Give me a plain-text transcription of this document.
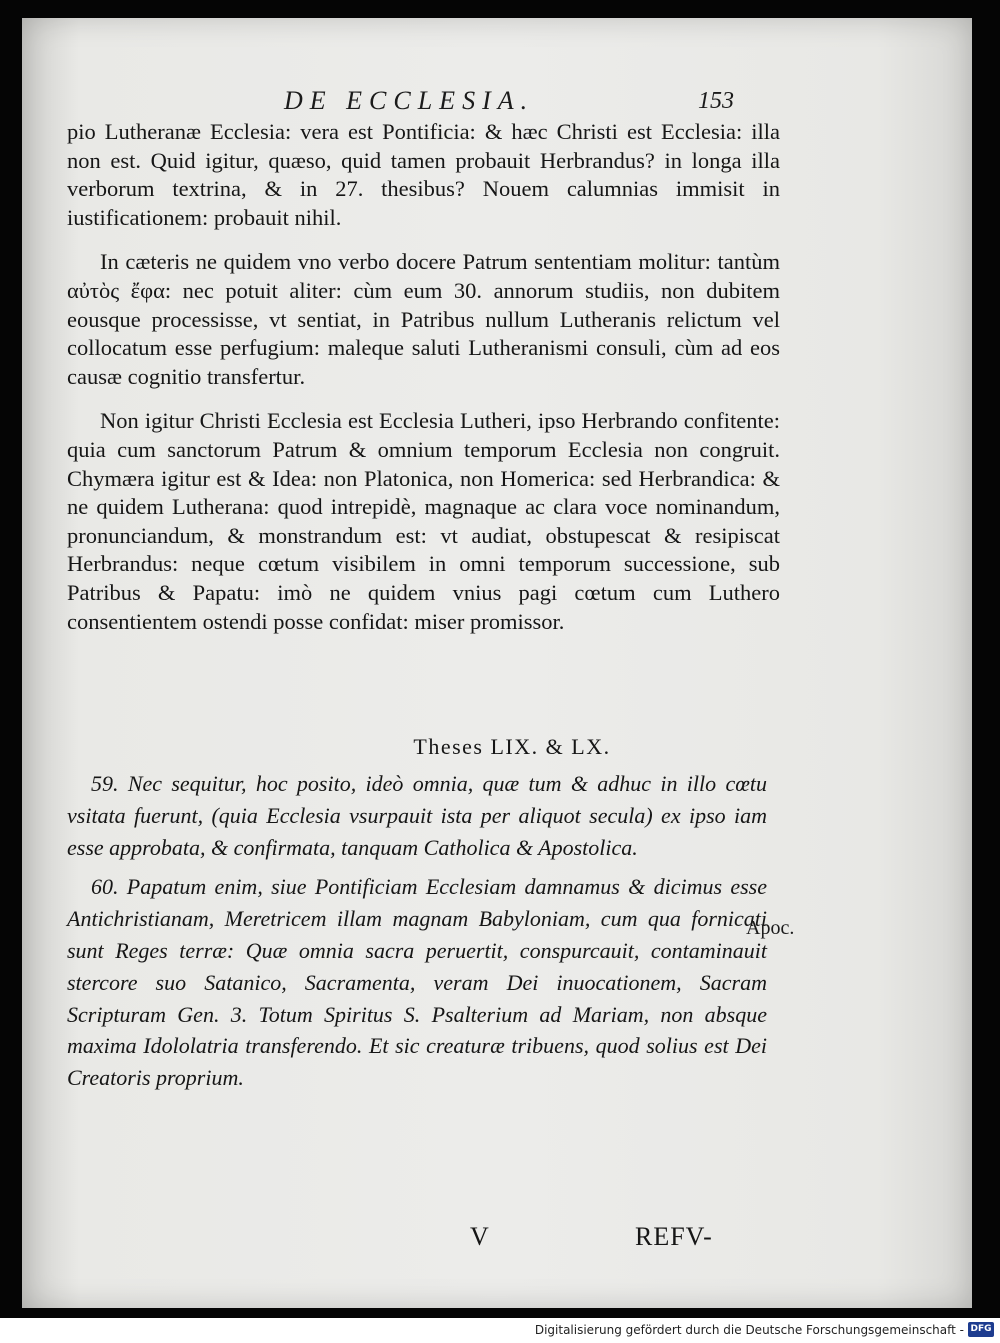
DE ECCLESIA.	153

pio Lutheranæ Ecclesia: vera est Pontificia: & hæc Christi est Ecclesia: illa non est. Quid igitur, quæso, quid tamen probauit Herbrandus? in longa illa verborum textrina, & in 27. thesibus? Nouem calumnias immisit in iustificationem: probauit nihil.

In cæteris ne quidem vno verbo docere Patrum sententiam molitur: tantùm αὐτὸς ἔφα: nec potuit aliter: cùm eum 30. annorum studiis, non dubitem eousque processisse, vt sentiat, in Patribus nullum Lutheranis relictum vel collocatum esse perfugium: maleque saluti Lutheranismi consuli, cùm ad eos causæ cognitio transfertur.

Non igitur Christi Ecclesia est Ecclesia Lutheri, ipso Herbrando confitente: quia cum sanctorum Patrum & omnium temporum Ecclesia non congruit. Chymæra igitur est & Idea: non Platonica, non Homerica: sed Herbrandica: & ne quidem Lutherana: quod intrepidè, magnaque ac clara voce nominandum, pronunciandum, & monstrandum est: vt audiat, obstupescat & resipiscat Herbrandus: neque cœtum visibilem in omni temporum successione, sub Patribus & Papatu: imò ne quidem vnius pagi cœtum cum Luthero consentientem ostendi posse confidat: miser promissor.

Theses LIX. & LX.

59. Nec sequitur, hoc posito, ideò omnia, quæ tum & adhuc in illo cœtu vsitata fuerunt, (quia Ecclesia vsurpauit ista per aliquot secula) ex ipso iam esse approbata, & confirmata, tanquam Catholica & Apostolica.

60. Papatum enim, siue Pontificiam Ecclesiam damnamus & dicimus esse Antichristianam, Meretricem illam magnam Babyloniam, cum qua fornicati sunt Reges terræ: Quæ omnia sacra peruertit, conspurcauit, contaminauit stercore suo Satanico, Sacramenta, veram Dei inuocationem, Sacram Scripturam Gen. 3. Totum Spiritus S. Psalterium ad Mariam, non absque maxima Idololatria transferendo. Et sic creaturæ tribuens, quod solius est Dei Creatoris proprium.

Apoc.
V	REFV-
Digitalisierung gefördert durch die Deutsche Forschungsgemeinschaft - DFG
